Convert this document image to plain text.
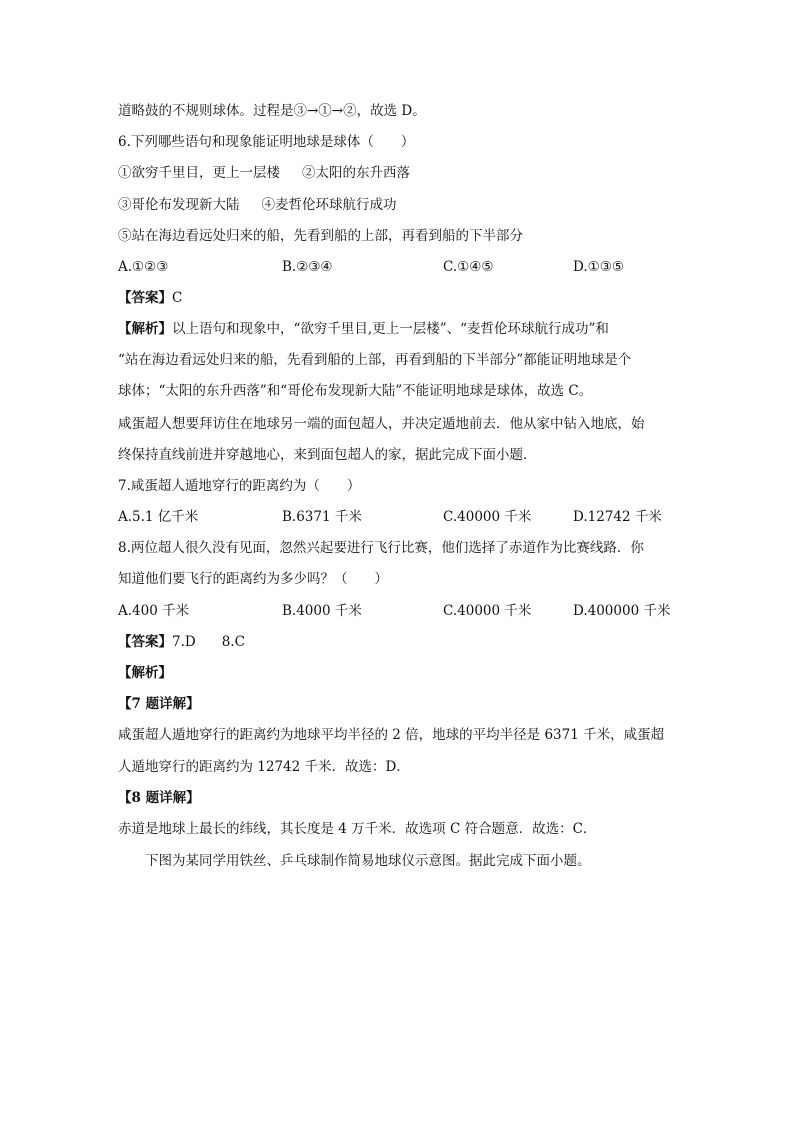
道略鼓的不规则球体。过程是③→①→②，故选 D。
6.下列哪些语句和现象能证明地球是球体（　　）
①欲穷千里目，更上一层楼 ②太阳的东升西落
③哥伦布发现新大陆 ④麦哲伦环球航行成功
⑤站在海边看远处归来的船，先看到船的上部，再看到船的下半部分
A.①②③	B.②③④	C.①④⑤	D.①③⑤
【答案】C
【解析】以上语句和现象中，“欲穷千里目,更上一层楼”、“麦哲伦环球航行成功”和
“站在海边看远处归来的船，先看到船的上部，再看到船的下半部分”都能证明地球是个
球体；“太阳的东升西落”和“哥伦布发现新大陆”不能证明地球是球体，故选 C。
咸蛋超人想要拜访住在地球另一端的面包超人，并决定遁地前去．他从家中钻入地底，始
终保持直线前进并穿越地心，来到面包超人的家，据此完成下面小题．
7.咸蛋超人遁地穿行的距离约为（　　）
A.5.1 亿千米	B.6371 千米	C.40000 千米	D.12742 千米
8.两位超人很久没有见面，忽然兴起要进行飞行比赛，他们选择了赤道作为比赛线路．你
知道他们要飞行的距离约为多少吗？（　　）
A.400 千米	B.4000 千米	C.40000 千米	D.400000 千米
【答案】7.D 8.C
【解析】
【7 题详解】
咸蛋超人遁地穿行的距离约为地球平均半径的 2 倍，地球的平均半径是 6371 千米，咸蛋超
人遁地穿行的距离约为 12742 千米．故选：D．
【8 题详解】
赤道是地球上最长的纬线，其长度是 4 万千米．故选项 C 符合题意．故选：C．
下图为某同学用铁丝、乒乓球制作简易地球仪示意图。据此完成下面小题。
